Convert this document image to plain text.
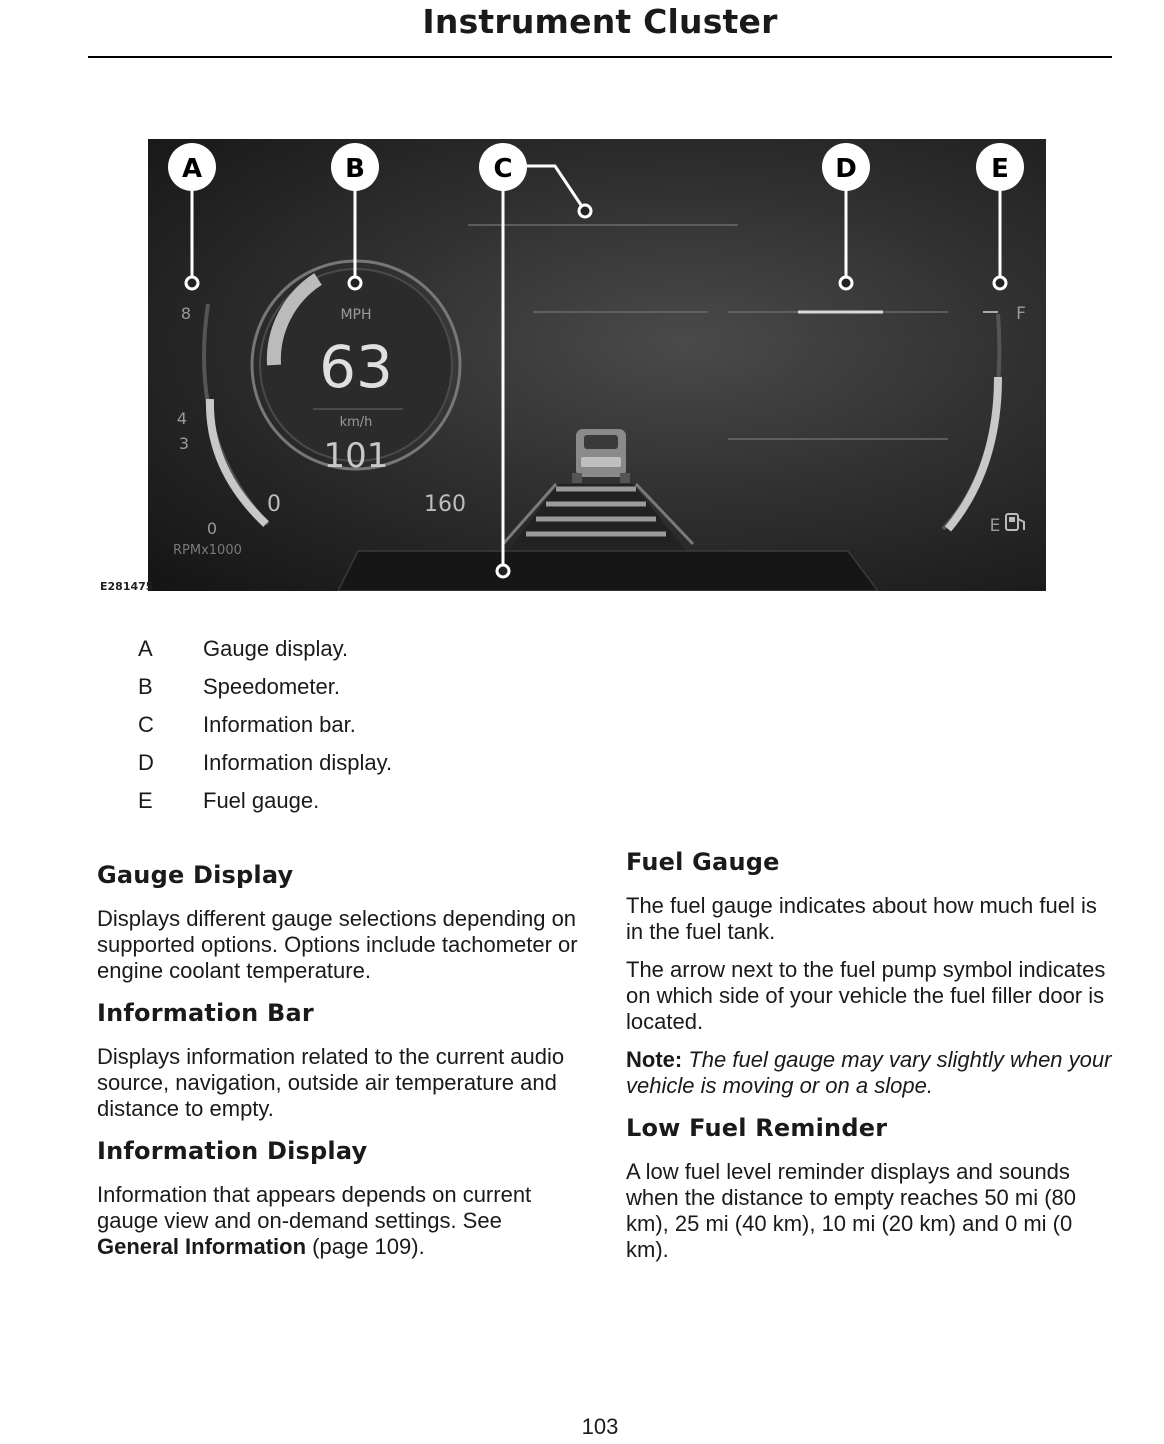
Instrument Cluster
MPH
63
km/h
101
0	160
8
4
3
0
RPMx1000
F
E
A	B	C	D	E
E281475
A	Gauge display.
B	Speedometer.
C	Information bar.
D	Information display.
E	Fuel gauge.
Gauge Display

Displays different gauge selections depending on supported options. Options include tachometer or engine coolant temperature.

Information Bar

Displays information related to the current audio source, navigation, outside air temperature and distance to empty.

Information Display

Information that appears depends on current gauge view and on-demand settings. See General Information (page 109).

Fuel Gauge

The fuel gauge indicates about how much fuel is in the fuel tank.

The arrow next to the fuel pump symbol indicates on which side of your vehicle the fuel filler door is located.

Note: The fuel gauge may vary slightly when your vehicle is moving or on a slope.

Low Fuel Reminder

A low fuel level reminder displays and sounds when the distance to empty reaches 50 mi (80 km), 25 mi (40 km), 10 mi (20 km) and 0 mi (0 km).

103
